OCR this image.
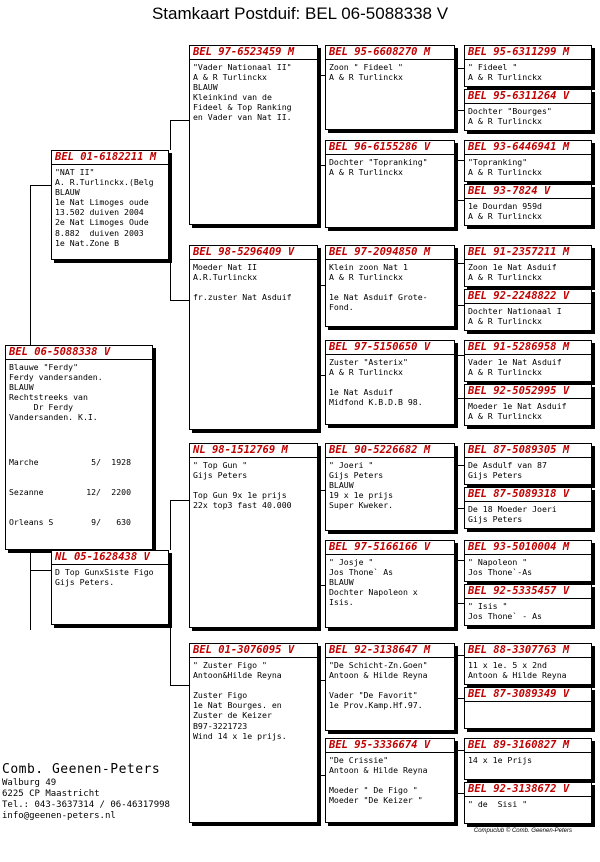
Stamkaart Postduif: BEL 06-5088338 V
BEL 06-5088338 V
Blauwe "Ferdy"
Ferdy vandersanden.
BLAUW
Rechtstreeks van
Dr Ferdy
Vandersanden. K.I.

Marche	5/	1928

Sezanne	12/	2200

Orleans S	9/	630

BEL 01-6182211 M
"NAT II"
A. R.Turlinckx.(Belg
BLAUW
1e Nat Limoges oude
13.502 duiven 2004
2e Nat Limoges Oude
8.882  duiven 2003
1e Nat.Zone B
NL 05-1628438 V
D Top GunxSiste Figo
Gijs Peters.
BEL 97-6523459 M
"Vader Nationaal II"
A & R Turlinckx
BLAUW
Kleinkind van de
Fideel & Top Ranking
en Vader van Nat II.
BEL 98-5296409 V
Moeder Nat II
A.R.Turlinckx
fr.zuster Nat Asduif
NL 98-1512769 M
" Top Gun "
Gijs Peters
Top Gun 9x 1e prijs
22x top3 fast 40.000
BEL 01-3076095 V
" Zuster Figo "
Antoon&Hilde Reyna
Zuster Figo
1e Nat Bourges. en
Zuster de Keizer
B97-3221723
Wind 14 x 1e prijs.
BEL 95-6608270 M
Zoon " Fideel "
A & R Turlinckx
BEL 96-6155286 V
Dochter "Topranking"
A & R Turlinckx
BEL 97-2094850 M
Klein zoon Nat 1
A & R Turlinckx
1e Nat Asduif Grote-
Fond.
BEL 97-5150650 V
Zuster "Asterix"
A & R Turlinckx
1e Nat Asduif
Midfond K.B.D.B 98.
BEL 90-5226682 M
" Joeri "
Gijs Peters
BLAUW
19 x 1e prijs
Super Kweker.
BEL 97-5166166 V
" Josje "
Jos Thone` As
BLAUW
Dochter Napoleon x
Isis.
BEL 92-3138647 M
"De Schicht-Zn.Goen"
Antoon & Hilde Reyna
Vader "De Favorit"
1e Prov.Kamp.Hf.97.
BEL 95-3336674 V
"De Crissie"
Antoon & Hilde Reyna
Moeder " De Figo "
Moeder "De Keizer "
BEL 95-6311299 M
" Fideel "
A & R Turlinckx
BEL 95-6311264 V
Dochter "Bourges"
A & R Turlinckx
BEL 93-6446941 M
"Topranking"
A & R Turlinckx
BEL 93-7824 V
1e Dourdan 959d
A & R Turlinckx
BEL 91-2357211 M
Zoon 1e Nat Asduif
A & R Turlinckx
BEL 92-2248822 V
Dochter Nationaal I
A & R Turlinckx
BEL 91-5286958 M
Vader 1e Nat Asduif
A & R Turlinckx
BEL 92-5052995 V
Moeder 1e Nat Asduif
A & R Turlinckx
BEL 87-5089305 M
De Asdulf van 87
Gijs Peters
BEL 87-5089318 V
De 18 Moeder Joeri
Gijs Peters
BEL 93-5010004 M
" Napoleon "
Jos Thone`-As
BEL 92-5335457 V
" Isis "
Jos Thone` - As
BEL 88-3307763 M
11 x 1e. 5 x 2nd
Antoon & Hilde Reyna
BEL 87-3089349 V
BEL 89-3160827 M
14 x 1e Prijs
BEL 92-3138672 V
" de  Sisi "
Comb. Geenen-Peters
Walburg 49
6225 CP Maastricht
Tel.: 043-3637314 / 06-46317998
info@geenen-peters.nl
Compuclub © Comb. Geenen-Peters
